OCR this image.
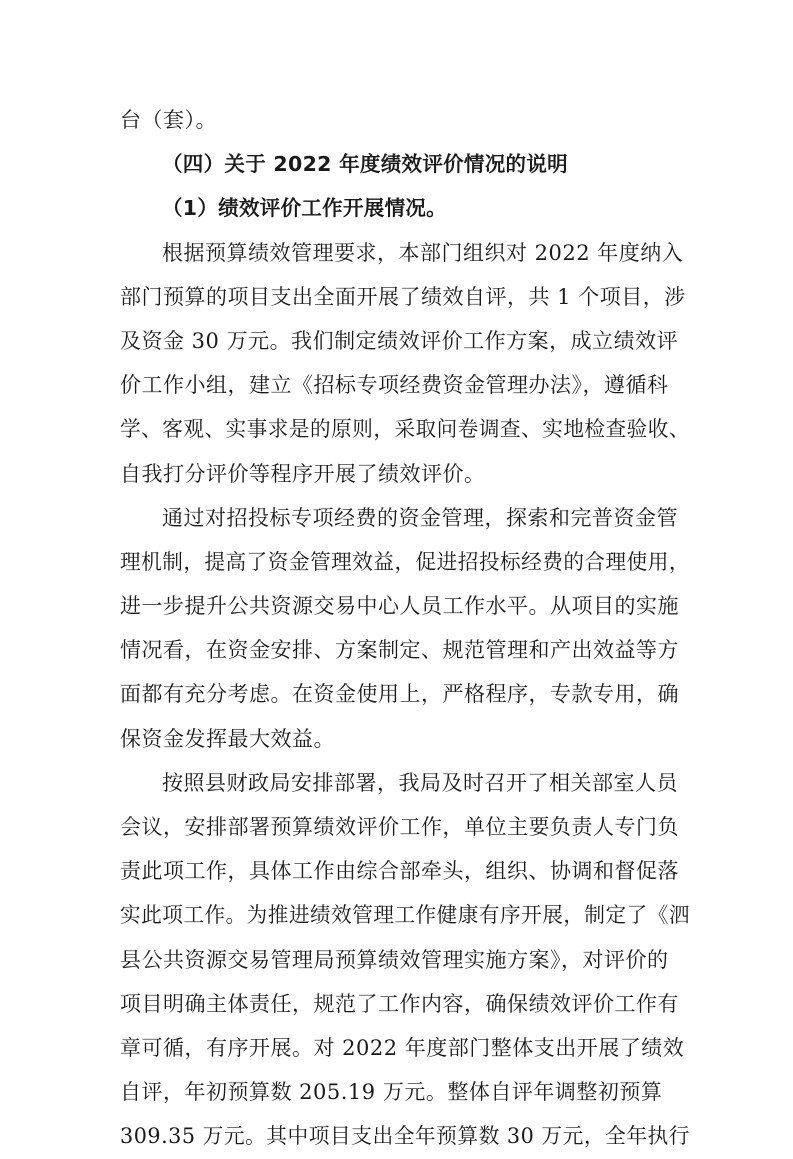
台（套）。
（四）关于 2022 年度绩效评价情况的说明
（1）绩效评价工作开展情况。
根据预算绩效管理要求，本部门组织对 2022 年度纳入
部门预算的项目支出全面开展了绩效自评，共 1 个项目，涉
及资金 30 万元。我们制定绩效评价工作方案，成立绩效评
价工作小组，建立《招标专项经费资金管理办法》，遵循科
学、客观、实事求是的原则，采取问卷调查、实地检查验收、
自我打分评价等程序开展了绩效评价。
通过对招投标专项经费的资金管理，探索和完普资金管
理机制，提高了资金管理效益，促进招投标经费的合理使用，
进一步提升公共资源交易中心人员工作水平。从项目的实施
情况看，在资金安排、方案制定、规范管理和产出效益等方
面都有充分考虑。在资金使用上，严格程序，专款专用，确
保资金发挥最大效益。
按照县财政局安排部署，我局及时召开了相关部室人员
会议，安排部署预算绩效评价工作，单位主要负责人专门负
责此项工作，具体工作由综合部牵头，组织、协调和督促落
实此项工作。为推进绩效管理工作健康有序开展，制定了《泗
县公共资源交易管理局预算绩效管理实施方案》，对评价的
项目明确主体责任，规范了工作内容，确保绩效评价工作有
章可循，有序开展。对 2022 年度部门整体支出开展了绩效
自评，年初预算数 205.19 万元。整体自评年调整初预算
309.35 万元。其中项目支出全年预算数 30 万元，全年执行
